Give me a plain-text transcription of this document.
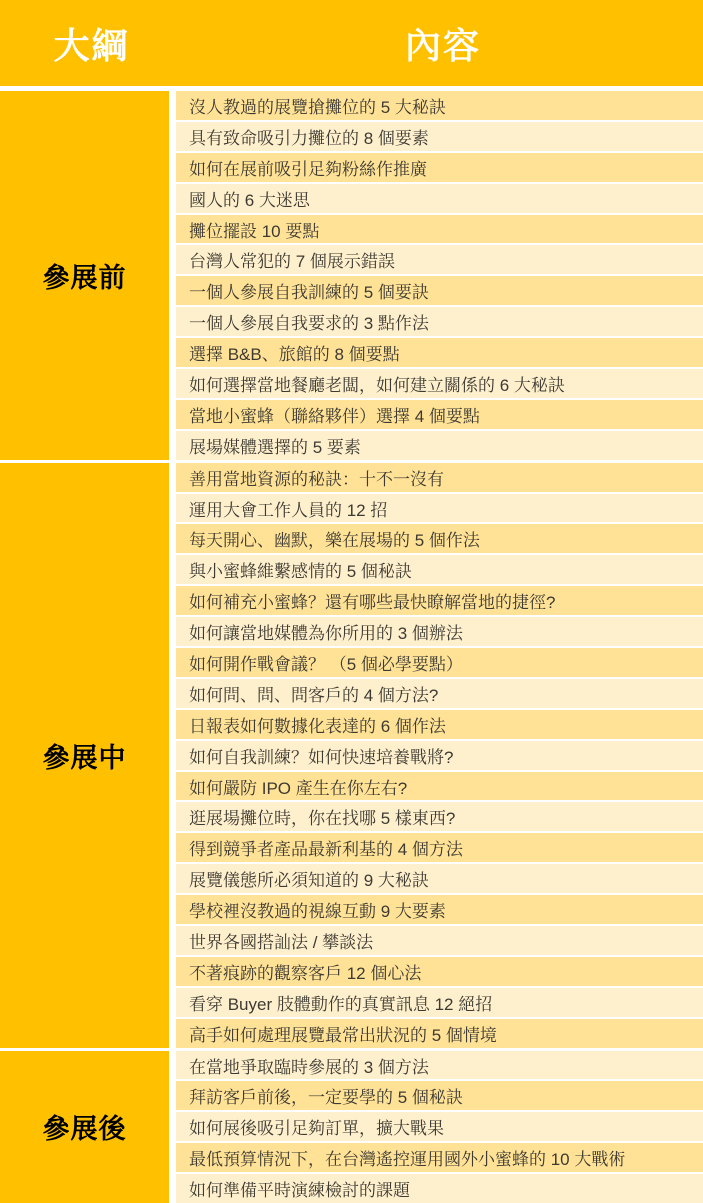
大綱	內容
參展前
沒人教過的展覽搶攤位的 5 大秘訣
具有致命吸引力攤位的 8 個要素
如何在展前吸引足夠粉絲作推廣
國人的 6 大迷思
攤位擺設 10 要點
台灣人常犯的 7 個展示錯誤
一個人參展自我訓練的 5 個要訣
一個人參展自我要求的 3 點作法
選擇 B&B、旅館的 8 個要點
如何選擇當地餐廳老闆，如何建立關係的 6 大秘訣
當地小蜜蜂（聯絡夥伴）選擇 4 個要點
展場媒體選擇的 5 要素
參展中
善用當地資源的秘訣：十不一沒有
運用大會工作人員的 12 招
每天開心、幽默，樂在展場的 5 個作法
與小蜜蜂維繫感情的 5 個秘訣
如何補充小蜜蜂？還有哪些最快瞭解當地的捷徑?
如何讓當地媒體為你所用的 3 個辦法
如何開作戰會議？ （5 個必學要點）
如何問、問、問客戶的 4 個方法?
日報表如何數據化表達的 6 個作法
如何自我訓練？如何快速培養戰將?
如何嚴防 IPO 產生在你左右?
逛展場攤位時，你在找哪 5 樣東西?
得到競爭者產品最新利基的 4 個方法
展覽儀態所必須知道的 9 大秘訣
學校裡沒教過的視線互動 9 大要素
世界各國搭訕法 / 攀談法
不著痕跡的觀察客戶 12 個心法
看穿 Buyer 肢體動作的真實訊息 12 絕招
高手如何處理展覽最常出狀況的 5 個情境
參展後
在當地爭取臨時參展的 3 個方法
拜訪客戶前後，一定要學的 5 個秘訣
如何展後吸引足夠訂單，擴大戰果
最低預算情況下，在台灣遙控運用國外小蜜蜂的 10 大戰術
如何準備平時演練檢討的課題
